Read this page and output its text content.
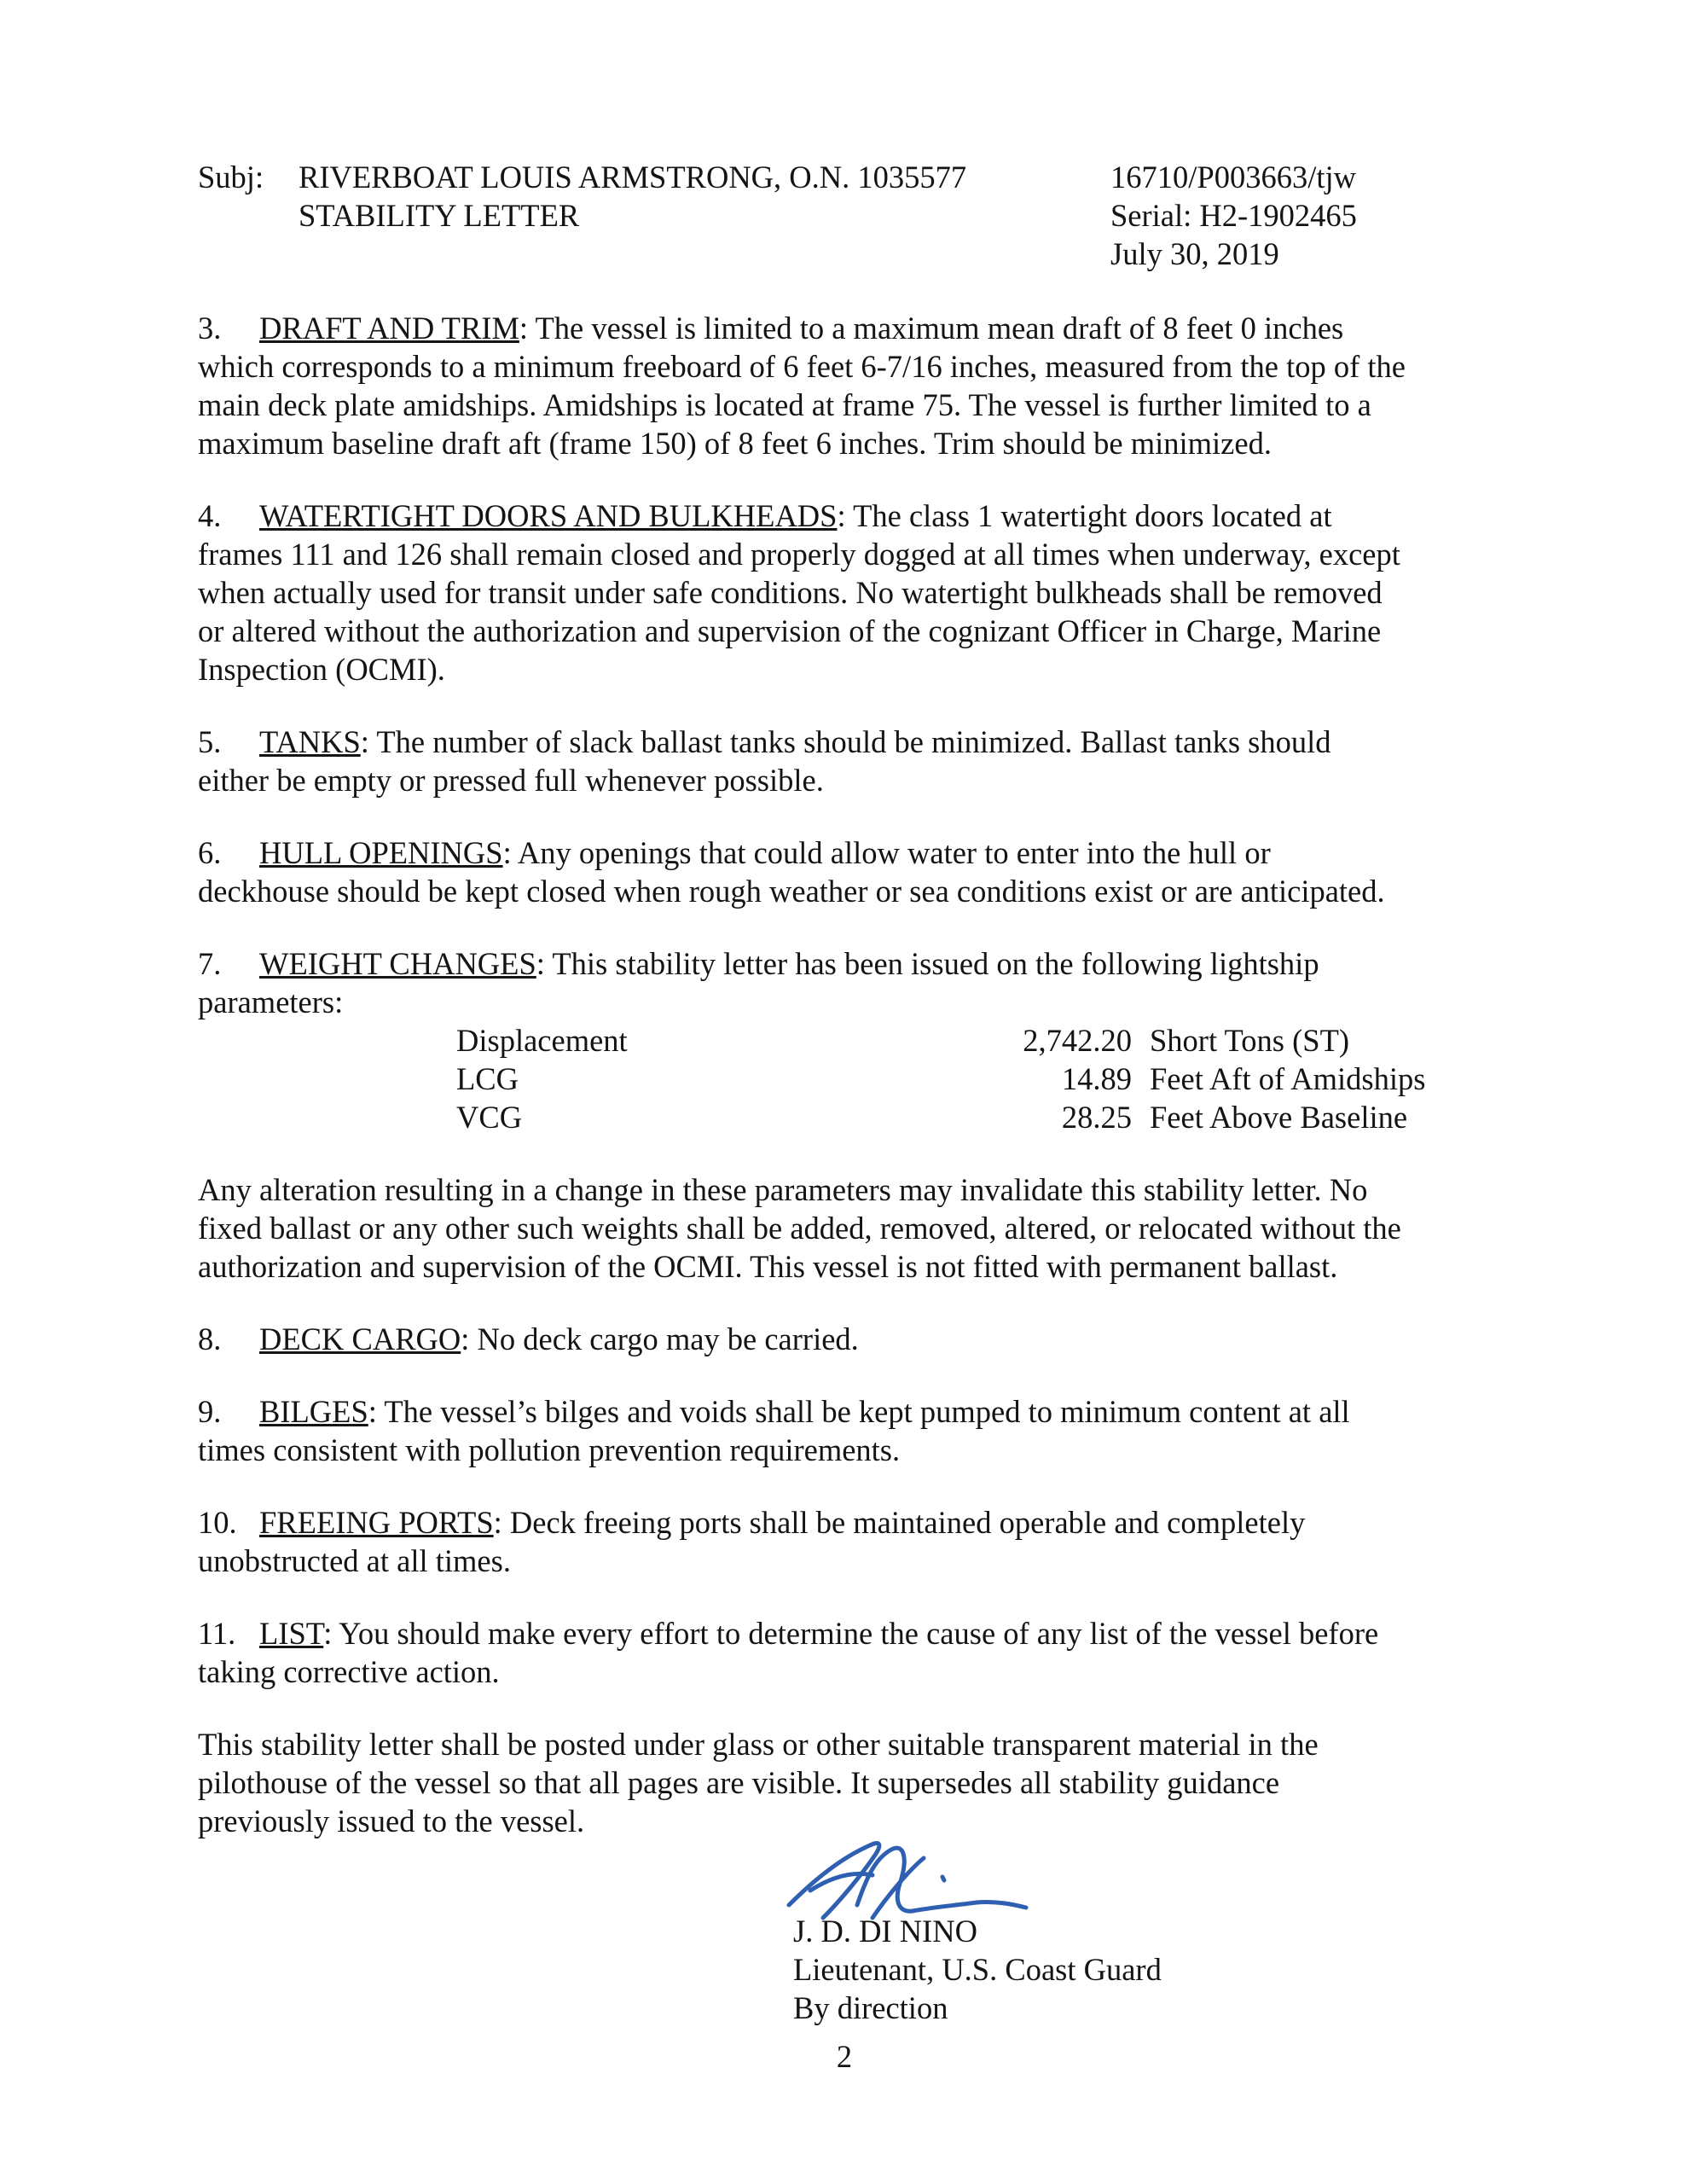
Subj: RIVERBOAT LOUIS ARMSTRONG, O.N. 1035577
STABILITY LETTER
16710/P003663/tjw
Serial: H2-1902465
July 30, 2019
3. DRAFT AND TRIM: The vessel is limited to a maximum mean draft of 8 feet 0 inches
which corresponds to a minimum freeboard of 6 feet 6-7/16 inches, measured from the top of the
main deck plate amidships. Amidships is located at frame 75. The vessel is further limited to a
maximum baseline draft aft (frame 150) of 8 feet 6 inches. Trim should be minimized.
4. WATERTIGHT DOORS AND BULKHEADS: The class 1 watertight doors located at
frames 111 and 126 shall remain closed and properly dogged at all times when underway, except
when actually used for transit under safe conditions. No watertight bulkheads shall be removed
or altered without the authorization and supervision of the cognizant Officer in Charge, Marine
Inspection (OCMI).
5. TANKS: The number of slack ballast tanks should be minimized. Ballast tanks should
either be empty or pressed full whenever possible.
6. HULL OPENINGS: Any openings that could allow water to enter into the hull or
deckhouse should be kept closed when rough weather or sea conditions exist or are anticipated.
7. WEIGHT CHANGES: This stability letter has been issued on the following lightship
parameters:
Displacement	2,742.20 Short Tons (ST)
LCG	14.89 Feet Aft of Amidships
VCG	28.25 Feet Above Baseline
Any alteration resulting in a change in these parameters may invalidate this stability letter. No
fixed ballast or any other such weights shall be added, removed, altered, or relocated without the
authorization and supervision of the OCMI. This vessel is not fitted with permanent ballast.
8. DECK CARGO: No deck cargo may be carried.
9. BILGES: The vessel’s bilges and voids shall be kept pumped to minimum content at all
times consistent with pollution prevention requirements.
10. FREEING PORTS: Deck freeing ports shall be maintained operable and completely
unobstructed at all times.
11. LIST: You should make every effort to determine the cause of any list of the vessel before
taking corrective action.
This stability letter shall be posted under glass or other suitable transparent material in the
pilothouse of the vessel so that all pages are visible. It supersedes all stability guidance
previously issued to the vessel.
J. D. DI NINO
Lieutenant, U.S. Coast Guard
By direction
2
